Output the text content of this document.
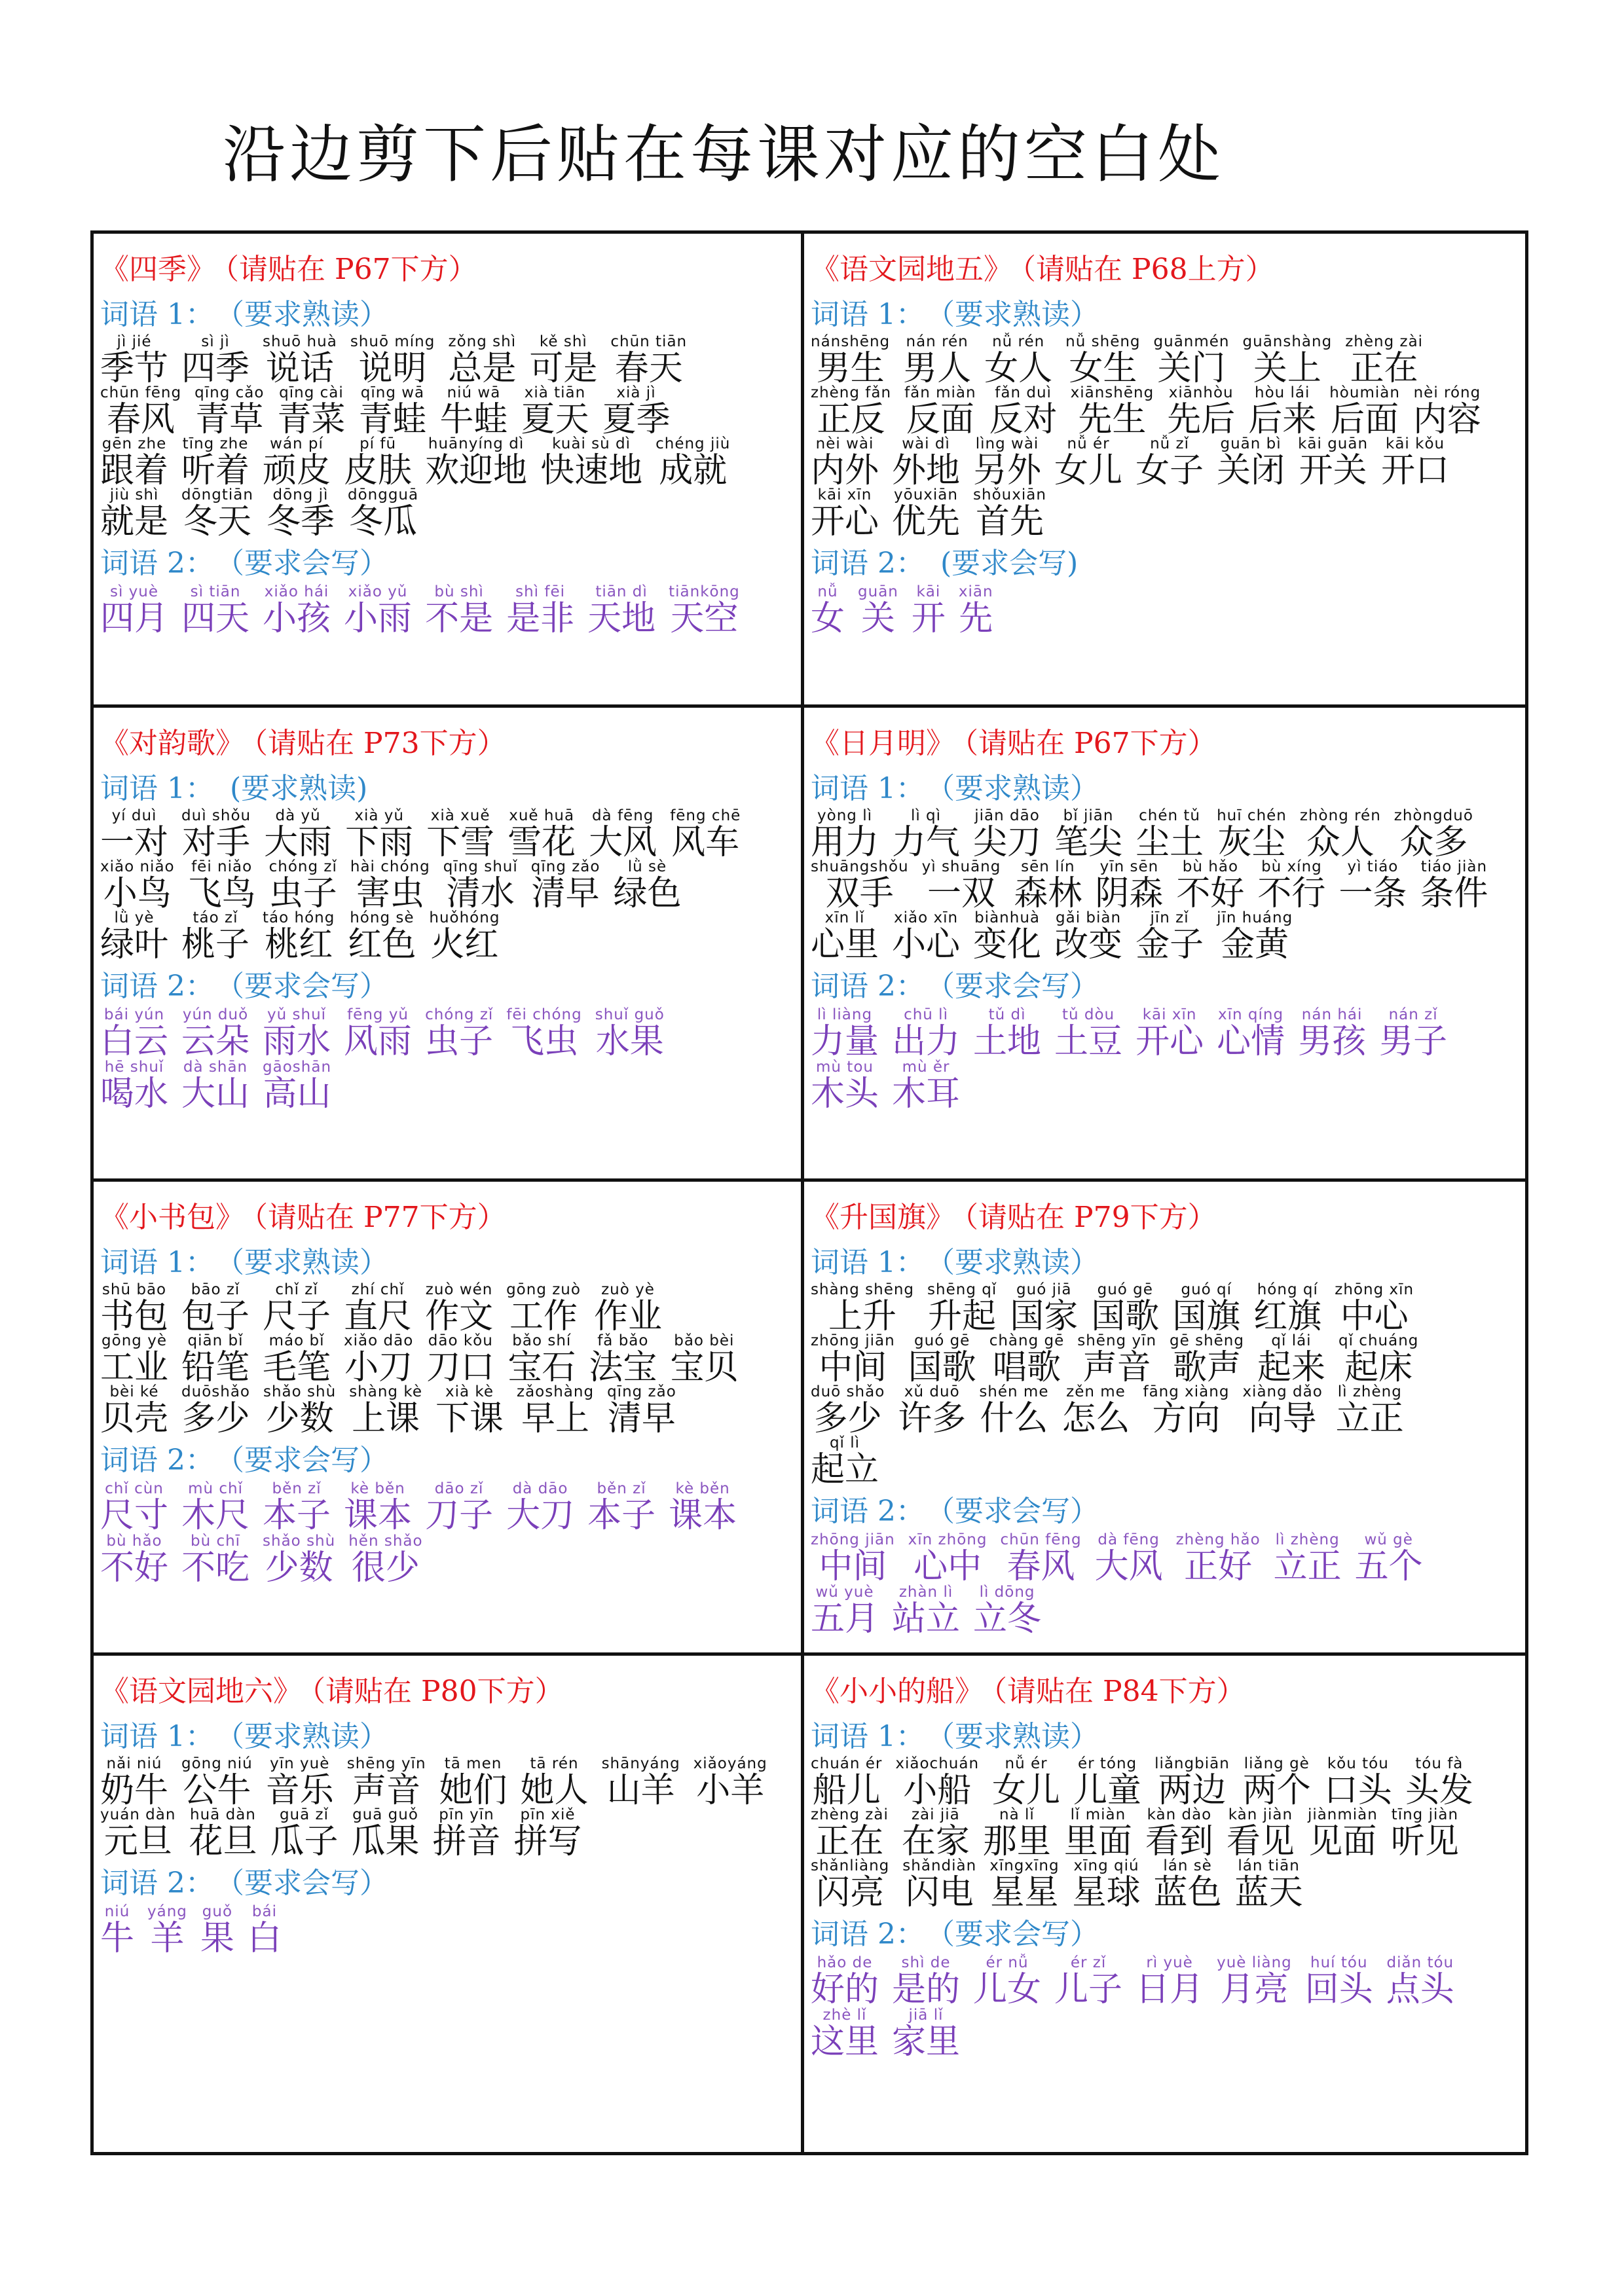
沿边剪下后贴在每课对应的空白处
《四季》 （请贴在 P67下方）
词语 1： （要求熟读）
jì jié
季节
sì jì
四季
shuō huà
说话
shuō míng
说明
zǒng shì
总是
kě shì
可是
chūn tiān
春天
chūn fēng
春风
qīng cǎo
青草
qīng cài
青菜
qīng wā
青蛙
niú wā
牛蛙
xià tiān
夏天
xià jì
夏季
gēn zhe
跟着
tīng zhe
听着
wán pí
顽皮
pí fū
皮肤
huānyíng dì
欢迎地
kuài sù dì
快速地
chéng jiù
成就
jiù shì
就是
dōngtiān
冬天
dōng jì
冬季
dōngguā
冬瓜
词语 2： （要求会写）
sì yuè
四月
sì tiān
四天
xiǎo hái
小孩
xiǎo yǔ
小雨
bù shì
不是
shì fēi
是非
tiān dì
天地
tiānkōng
天空
《语文园地五》 （请贴在 P68上方）
词语 1： （要求熟读）
nánshēng
男生
nán rén
男人
nǚ rén
女人
nǚ shēng
女生
guānmén
关门
guānshàng
关上
zhèng zài
正在
zhèng fǎn
正反
fǎn miàn
反面
fǎn duì
反对
xiānshēng
先生
xiānhòu
先后
hòu lái
后来
hòumiàn
后面
nèi róng
内容
nèi wài
内外
wài dì
外地
lìng wài
另外
nǚ ér
女儿
nǚ zǐ
女子
guān bì
关闭
kāi guān
开关
kāi kǒu
开口
kāi xīn
开心
yōuxiān
优先
shǒuxiān
首先
词语 2： (要求会写)
nǚ
女
guān
关
kāi
开
xiān
先
《对韵歌》 （请贴在 P73下方）
词语 1： (要求熟读)
yí duì
一对
duì shǒu
对手
dà yǔ
大雨
xià yǔ
下雨
xià xuě
下雪
xuě huā
雪花
dà fēng
大风
fēng chē
风车
xiǎo niǎo
小鸟
fēi niǎo
飞鸟
chóng zǐ
虫子
hài chóng
害虫
qīng shuǐ
清水
qīng zǎo
清早
lǜ sè
绿色
lǜ yè
绿叶
táo zǐ
桃子
táo hóng
桃红
hóng sè
红色
huǒhóng
火红
词语 2： （要求会写）
bái yún
白云
yún duǒ
云朵
yǔ shuǐ
雨水
fēng yǔ
风雨
chóng zǐ
虫子
fēi chóng
飞虫
shuǐ guǒ
水果
hē shuǐ
喝水
dà shān
大山
gāoshān
高山
《日月明》 （请贴在 P67下方）
词语 1： （要求熟读）
yòng lì
用力
lì qì
力气
jiān dāo
尖刀
bǐ jiān
笔尖
chén tǔ
尘土
huī chén
灰尘
zhòng rén
众人
zhòngduō
众多
shuāngshǒu
双手
yì shuāng
一双
sēn lín
森林
yīn sēn
阴森
bù hǎo
不好
bù xíng
不行
yì tiáo
一条
tiáo jiàn
条件
xīn lǐ
心里
xiǎo xīn
小心
biànhuà
变化
gǎi biàn
改变
jīn zǐ
金子
jīn huáng
金黄
词语 2： （要求会写）
lì liàng
力量
chū lì
出力
tǔ dì
土地
tǔ dòu
土豆
kāi xīn
开心
xīn qíng
心情
nán hái
男孩
nán zǐ
男子
mù tou
木头
mù ěr
木耳
《小书包》 （请贴在 P77下方）
词语 1： （要求熟读）
shū bāo
书包
bāo zǐ
包子
chǐ zǐ
尺子
zhí chǐ
直尺
zuò wén
作文
gōng zuò
工作
zuò yè
作业
gōng yè
工业
qiān bǐ
铅笔
máo bǐ
毛笔
xiǎo dāo
小刀
dāo kǒu
刀口
bǎo shí
宝石
fǎ bǎo
法宝
bǎo bèi
宝贝
bèi ké
贝壳
duōshǎo
多少
shǎo shù
少数
shàng kè
上课
xià kè
下课
zǎoshàng
早上
qīng zǎo
清早
词语 2： （要求会写）
chǐ cùn
尺寸
mù chǐ
木尺
běn zǐ
本子
kè běn
课本
dāo zǐ
刀子
dà dāo
大刀
běn zǐ
本子
kè běn
课本
bù hǎo
不好
bù chī
不吃
shǎo shù
少数
hěn shǎo
很少
《升国旗》 （请贴在 P79下方）
词语 1： （要求熟读）
shàng shēng
上升
shēng qǐ
升起
guó jiā
国家
guó gē
国歌
guó qí
国旗
hóng qí
红旗
zhōng xīn
中心
zhōng jiān
中间
guó gē
国歌
chàng gē
唱歌
shēng yīn
声音
gē shēng
歌声
qǐ lái
起来
qǐ chuáng
起床
duō shǎo
多少
xǔ duō
许多
shén me
什么
zěn me
怎么
fāng xiàng
方向
xiàng dǎo
向导
lì zhèng
立正
qǐ lì
起立
词语 2： （要求会写）
zhōng jiān
中间
xīn zhōng
心中
chūn fēng
春风
dà fēng
大风
zhèng hǎo
正好
lì zhèng
立正
wǔ gè
五个
wǔ yuè
五月
zhàn lì
站立
lì dōng
立冬
《语文园地六》 （请贴在 P80下方）
词语 1： （要求熟读）
nǎi niú
奶牛
gōng niú
公牛
yīn yuè
音乐
shēng yīn
声音
tā men
她们
tā rén
她人
shānyáng
山羊
xiǎoyáng
小羊
yuán dàn
元旦
huā dàn
花旦
guā zǐ
瓜子
guā guǒ
瓜果
pīn yīn
拼音
pīn xiě
拼写
词语 2： （要求会写）
niú
牛
yáng
羊
guǒ
果
bái
白
《小小的船》 （请贴在 P84下方）
词语 1： （要求熟读）
chuán ér
船儿
xiǎochuán
小船
nǚ ér
女儿
ér tóng
儿童
liǎngbiān
两边
liǎng gè
两个
kǒu tóu
口头
tóu fà
头发
zhèng zài
正在
zài jiā
在家
nà lǐ
那里
lǐ miàn
里面
kàn dào
看到
kàn jiàn
看见
jiànmiàn
见面
tīng jiàn
听见
shǎnliàng
闪亮
shǎndiàn
闪电
xīngxīng
星星
xīng qiú
星球
lán sè
蓝色
lán tiān
蓝天
词语 2： （要求会写）
hǎo de
好的
shì de
是的
ér nǚ
儿女
ér zǐ
儿子
rì yuè
日月
yuè liàng
月亮
huí tóu
回头
diǎn tóu
点头
zhè lǐ
这里
jiā lǐ
家里
